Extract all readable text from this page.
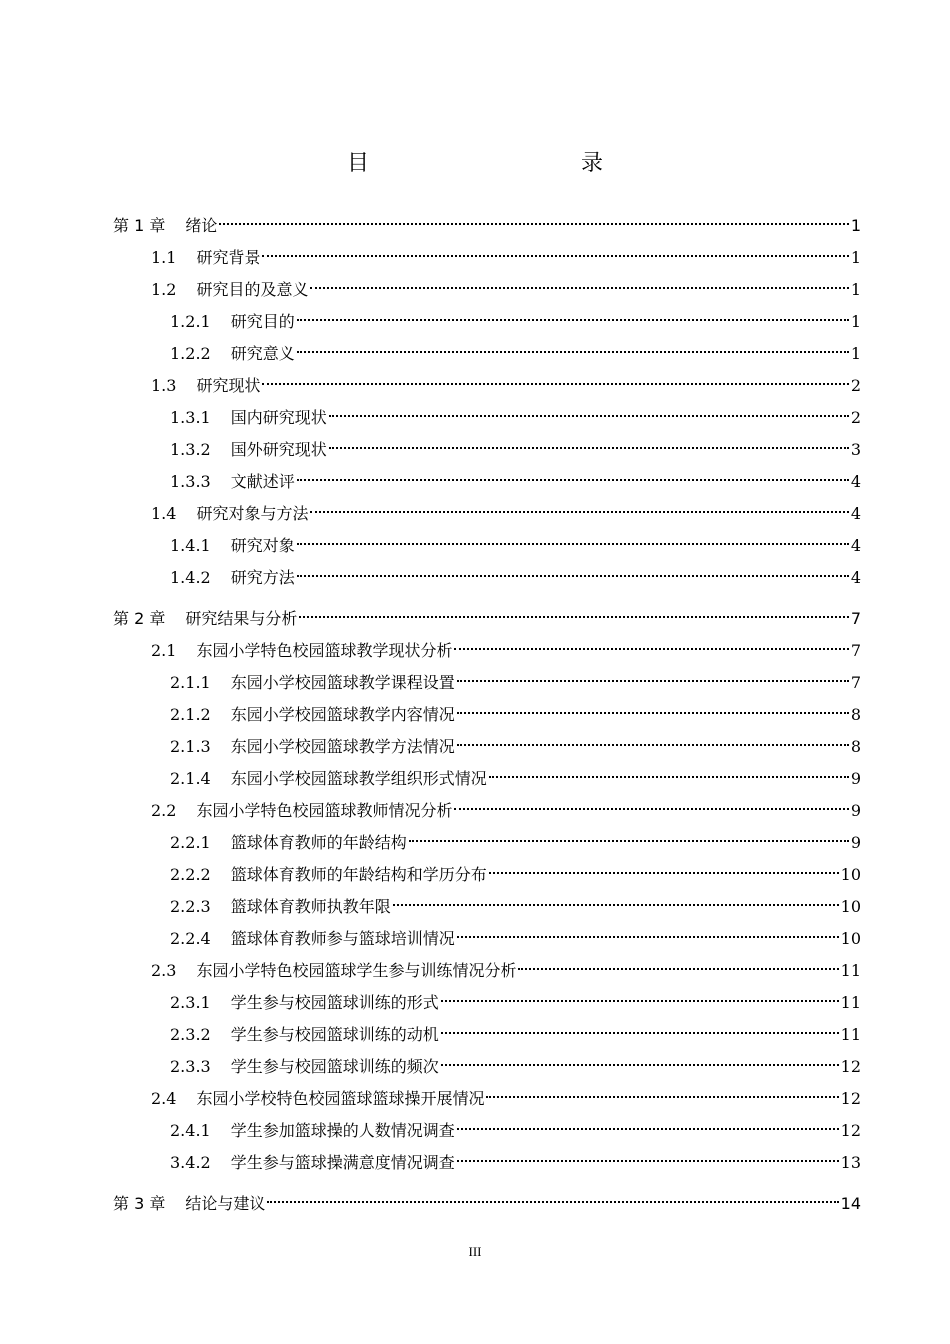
目　　录
第 1 章 绪论	1
1.1 研究背景	1
1.2 研究目的及意义	1
1.2.1 研究目的	1
1.2.2 研究意义	1
1.3 研究现状	2
1.3.1 国内研究现状	2
1.3.2 国外研究现状	3
1.3.3 文献述评	4
1.4 研究对象与方法	4
1.4.1 研究对象	4
1.4.2 研究方法	4
第 2 章 研究结果与分析	7
2.1 东园小学特色校园篮球教学现状分析	7
2.1.1 东园小学校园篮球教学课程设置	7
2.1.2 东园小学校园篮球教学内容情况	8
2.1.3 东园小学校园篮球教学方法情况	8
2.1.4 东园小学校园篮球教学组织形式情况	9
2.2 东园小学特色校园篮球教师情况分析	9
2.2.1 篮球体育教师的年龄结构	9
2.2.2 篮球体育教师的年龄结构和学历分布	10
2.2.3 篮球体育教师执教年限	10
2.2.4 篮球体育教师参与篮球培训情况	10
2.3 东园小学特色校园篮球学生参与训练情况分析	11
2.3.1 学生参与校园篮球训练的形式	11
2.3.2 学生参与校园篮球训练的动机	11
2.3.3 学生参与校园篮球训练的频次	12
2.4 东园小学校特色校园篮球篮球操开展情况	12
2.4.1 学生参加篮球操的人数情况调查	12
3.4.2 学生参与篮球操满意度情况调查	13
第 3 章 结论与建议	14
III
